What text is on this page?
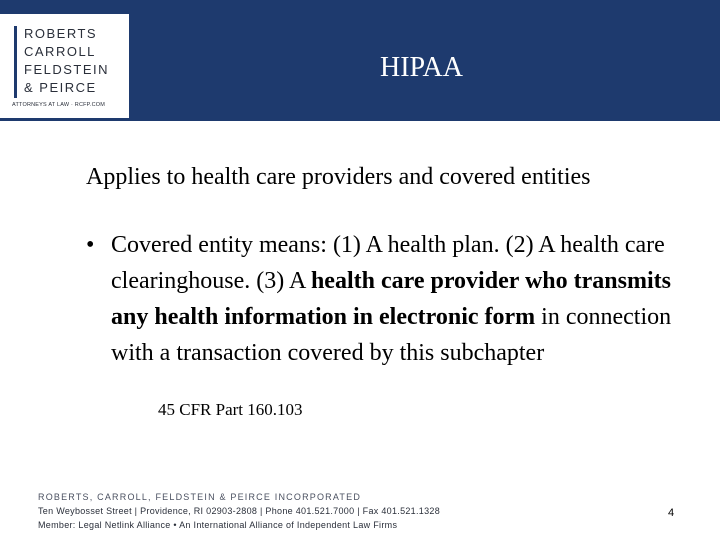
ROBERTS
CARROLL
FELDSTEIN
& PEIRCE
ATTORNEYS AT LAW · RCFP.COM
HIPAA
Applies to health care providers and covered entities
• Covered entity means: (1) A health plan. (2) A health care clearinghouse. (3) A health care provider who transmits any health information in electronic form in connection with a transaction covered by this subchapter
45 CFR Part 160.103
ROBERTS, CARROLL, FELDSTEIN & PEIRCE INCORPORATED
Ten Weybosset Street | Providence, RI 02903-2808 | Phone 401.521.7000 | Fax 401.521.1328
Member: Legal Netlink Alliance • An International Alliance of Independent Law Firms
4
